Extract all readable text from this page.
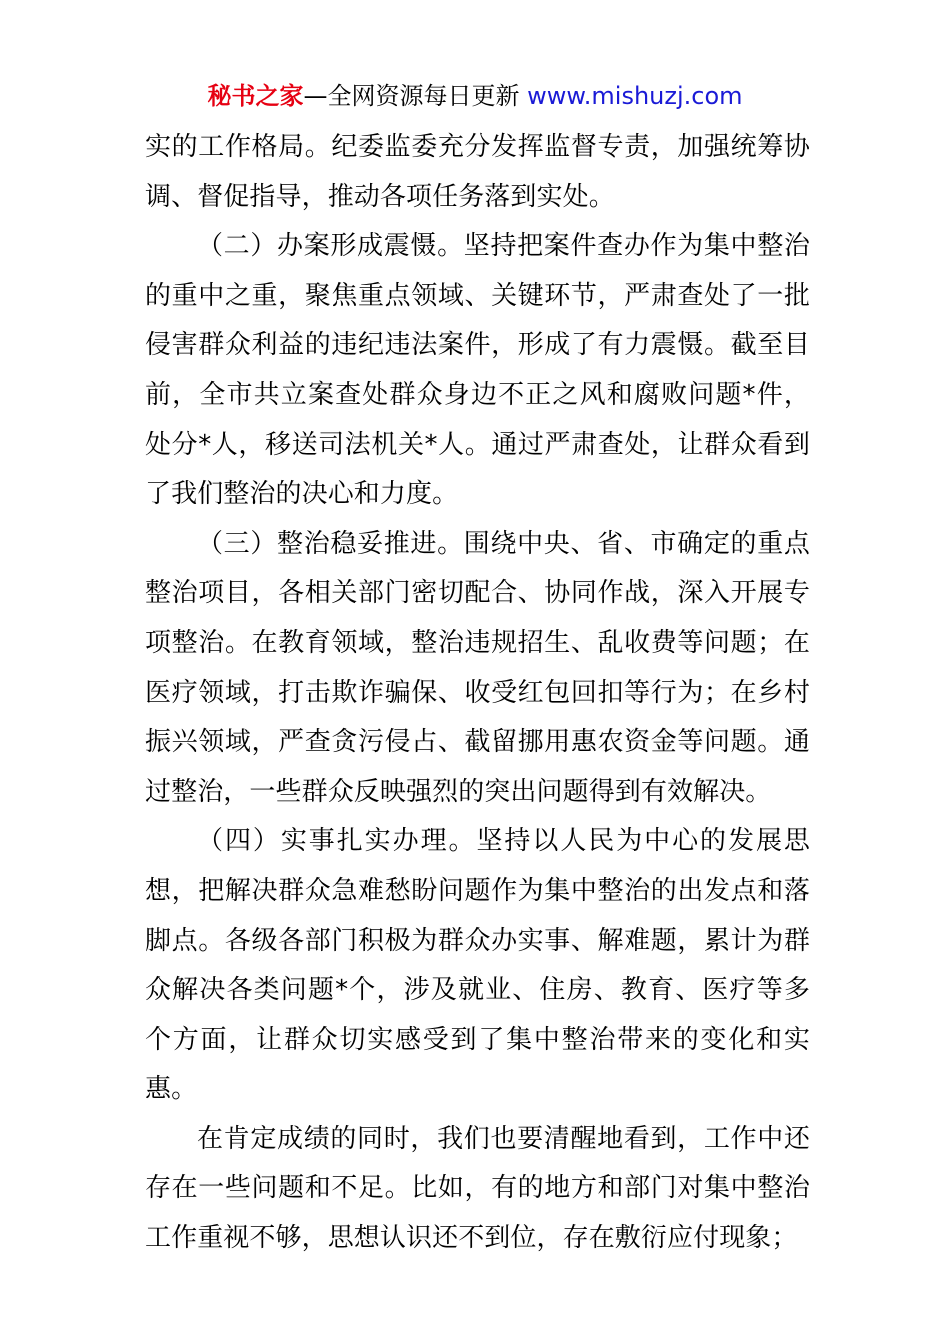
秘书之家—全网资源每日更新 www.mishuzj.com

实的工作格局。纪委监委充分发挥监督专责，加强统筹协调、督促指导，推动各项任务落到实处。

（二）办案形成震慑。坚持把案件查办作为集中整治的重中之重，聚焦重点领域、关键环节，严肃查处了一批侵害群众利益的违纪违法案件，形成了有力震慑。截至目前，全市共立案查处群众身边不正之风和腐败问题*件，处分*人，移送司法机关*人。通过严肃查处，让群众看到了我们整治的决心和力度。

（三）整治稳妥推进。围绕中央、省、市确定的重点整治项目，各相关部门密切配合、协同作战，深入开展专项整治。在教育领域，整治违规招生、乱收费等问题；在医疗领域，打击欺诈骗保、收受红包回扣等行为；在乡村振兴领域，严查贪污侵占、截留挪用惠农资金等问题。通过整治，一些群众反映强烈的突出问题得到有效解决。

（四）实事扎实办理。坚持以人民为中心的发展思想，把解决群众急难愁盼问题作为集中整治的出发点和落脚点。各级各部门积极为群众办实事、解难题，累计为群众解决各类问题*个，涉及就业、住房、教育、医疗等多个方面，让群众切实感受到了集中整治带来的变化和实惠。

在肯定成绩的同时，我们也要清醒地看到，工作中还存在一些问题和不足。比如，有的地方和部门对集中整治工作重视不够，思想认识还不到位，存在敷衍应付现象；
